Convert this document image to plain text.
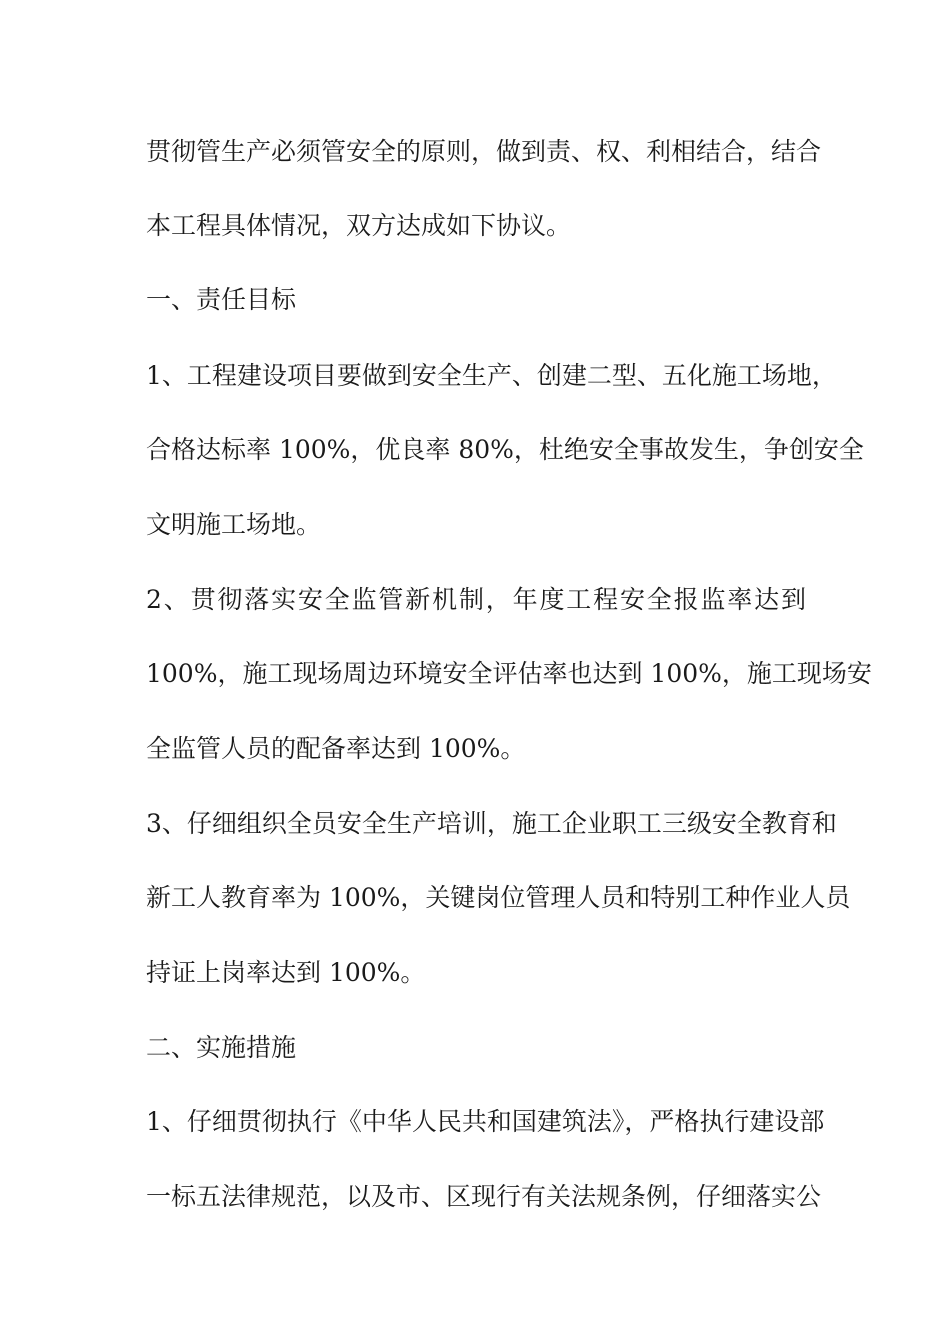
贯彻管生产必须管安全的原则，做到责、权、利相结合，结合
本工程具体情况，双方达成如下协议。
一、责任目标
1、工程建设项目要做到安全生产、创建二型、五化施工场地，
合格达标率 100%，优良率 80%，杜绝安全事故发生，争创安全
文明施工场地。
2、贯彻落实安全监管新机制，年度工程安全报监率达到
100%，施工现场周边环境安全评估率也达到 100%，施工现场安
全监管人员的配备率达到 100%。
3、仔细组织全员安全生产培训，施工企业职工三级安全教育和
新工人教育率为 100%，关键岗位管理人员和特别工种作业人员
持证上岗率达到 100%。
二、实施措施
1、仔细贯彻执行《中华人民共和国建筑法》，严格执行建设部
一标五法律规范，以及市、区现行有关法规条例，仔细落实公
